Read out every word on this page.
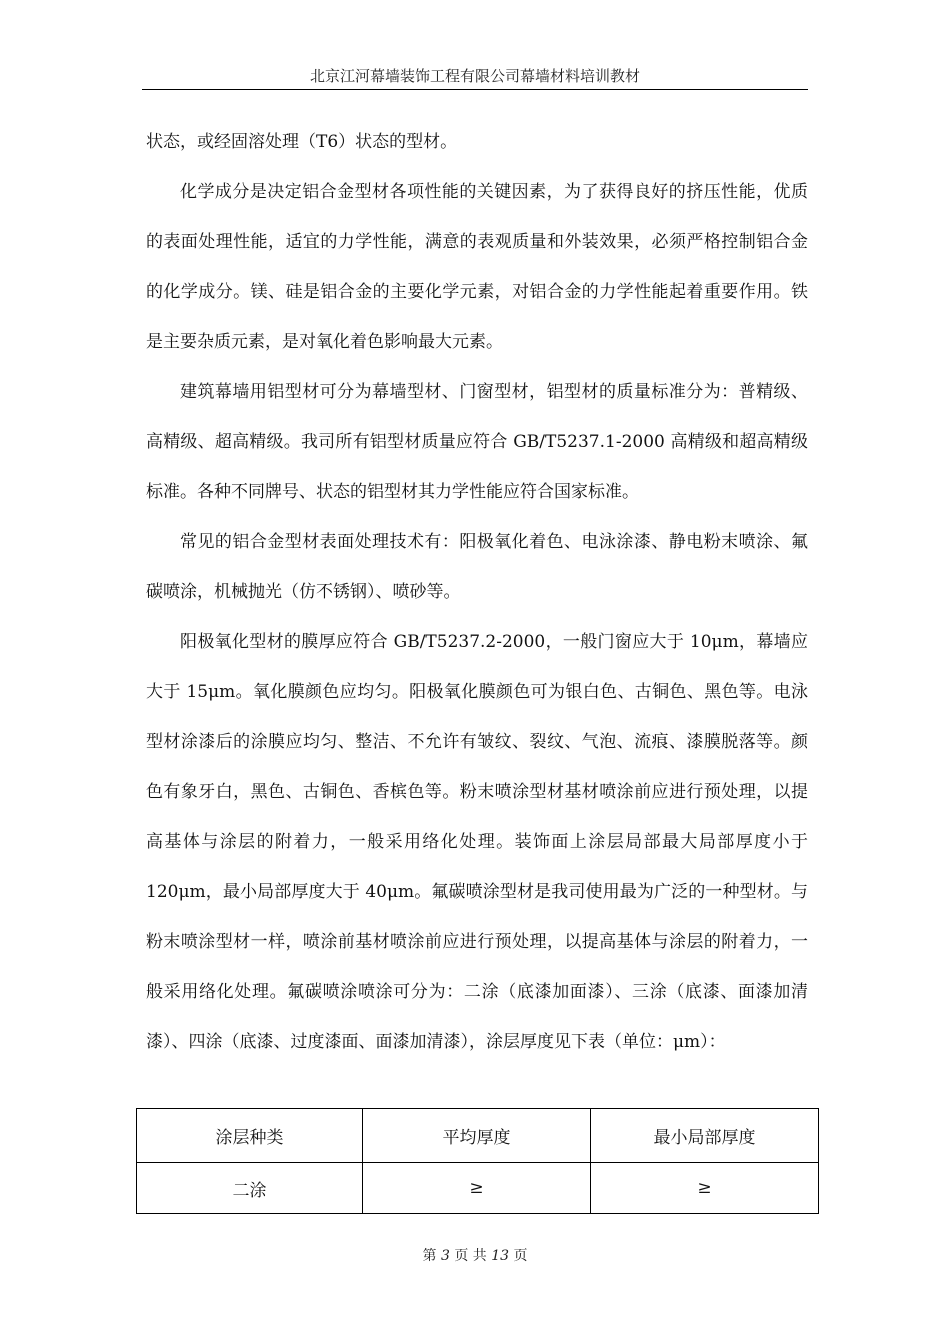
北京江河幕墙装饰工程有限公司幕墙材料培训教材

状态，或经固溶处理（T6）状态的型材。

化学成分是决定铝合金型材各项性能的关键因素，为了获得良好的挤压性能，优质的表面处理性能，适宜的力学性能，满意的表观质量和外装效果，必须严格控制铝合金的化学成分。镁、硅是铝合金的主要化学元素，对铝合金的力学性能起着重要作用。铁是主要杂质元素，是对氧化着色影响最大元素。

建筑幕墙用铝型材可分为幕墙型材、门窗型材，铝型材的质量标准分为：普精级、高精级、超高精级。我司所有铝型材质量应符合 GB/T5237.1-2000 高精级和超高精级标准。各种不同牌号、状态的铝型材其力学性能应符合国家标准。

常见的铝合金型材表面处理技术有：阳极氧化着色、电泳涂漆、静电粉末喷涂、氟碳喷涂，机械抛光（仿不锈钢）、喷砂等。

阳极氧化型材的膜厚应符合 GB/T5237.2-2000，一般门窗应大于 10μm，幕墙应大于 15μm。氧化膜颜色应均匀。阳极氧化膜颜色可为银白色、古铜色、黑色等。电泳型材涂漆后的涂膜应均匀、整洁、不允许有皱纹、裂纹、气泡、流痕、漆膜脱落等。颜色有象牙白，黑色、古铜色、香槟色等。粉末喷涂型材基材喷涂前应进行预处理，以提高基体与涂层的附着力，一般采用络化处理。装饰面上涂层局部最大局部厚度小于 120μm，最小局部厚度大于 40μm。氟碳喷涂型材是我司使用最为广泛的一种型材。与粉末喷涂型材一样，喷涂前基材喷涂前应进行预处理，以提高基体与涂层的附着力，一般采用络化处理。氟碳喷涂喷涂可分为：二涂（底漆加面漆）、三涂（底漆、面漆加清漆）、四涂（底漆、过度漆面、面漆加清漆），涂层厚度见下表（单位：μm）：

涂层种类	平均厚度	最小局部厚度
二涂	≥	≥
第 3 页 共 13 页
